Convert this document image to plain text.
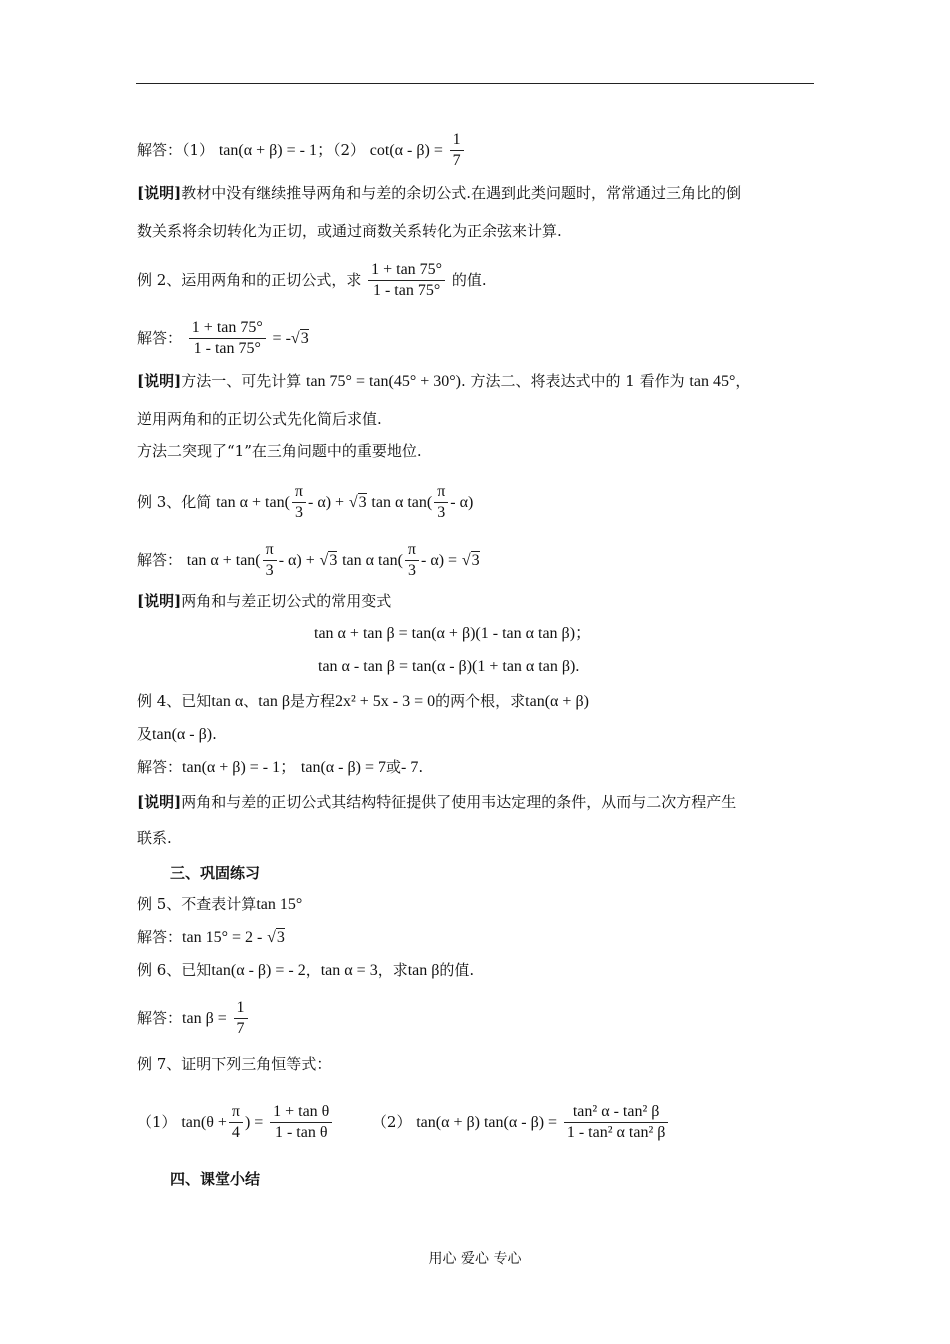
解答：（1） tan(α + β) = - 1；（2） $\cot(\alpha - \beta) = \frac{1}{7}$
[说明]教材中没有继续推导两角和与差的余切公式.在遇到此类问题时，常常通过三角比的倒
数关系将余切转化为正切，或通过商数关系转化为正余弦来计算.
例 2、运用两角和的正切公式，求 $\frac{1 + \tan 75^\circ}{1 - \tan 75^\circ}$ 的值.
解答： $\frac{1 + \tan 75^\circ}{1 - \tan 75^\circ} = -√3$
[说明]方法一、可先计算 tan 75° = tan(45° + 30°). 方法二、将表达式中的 1 看作为 tan 45°，
逆用两角和的正切公式先化简后求值.
方法二突现了“1”在三角问题中的重要地位.
例 3、化简 $\tan \alpha + \tan( \frac{\pi}{3} - \alpha) + √3$ tan α $\tan( \frac{\pi}{3} - \alpha)$
解答： $\tan \alpha + \tan( \frac{\pi}{3} - \alpha) + √3$ tan α $\tan( \frac{\pi}{3} - \alpha) = √3$
[说明]两角和与差正切公式的常用变式
tan α + tan β = tan(α + β)(1 - tan α tan β)；
tan α - tan β = tan(α - β)(1 + tan α tan β).
例 4、已知tan α、tan β是方程2x² + 5x - 3 = 0的两个根，求tan(α + β)
及tan(α - β).
解答：tan(α + β) = - 1； tan(α - β) = 7或- 7.
[说明]两角和与差的正切公式其结构特征提供了使用韦达定理的条件，从而与二次方程产生
联系.
三、巩固练习
例 5、不查表计算tan 15°
解答：tan 15° = 2 - √3
例 6、已知tan(α - β) = - 2，tan α = 3，求tan β的值.
解答：$\tan \beta = \frac{1}{7}$
例 7、证明下列三角恒等式：
（1） $\tan(\theta + \frac{\pi}{4}$ ) = $\frac{\text{1 + tan θ}}{\text{1 - tan θ}}$	（2） tan(α + β) $\tan(\alpha - \beta) = \frac{\text{tan² α - tan² β}}{\text{1 - tan² α tan² β}}$
四、课堂小结
用心 爱心 专心
